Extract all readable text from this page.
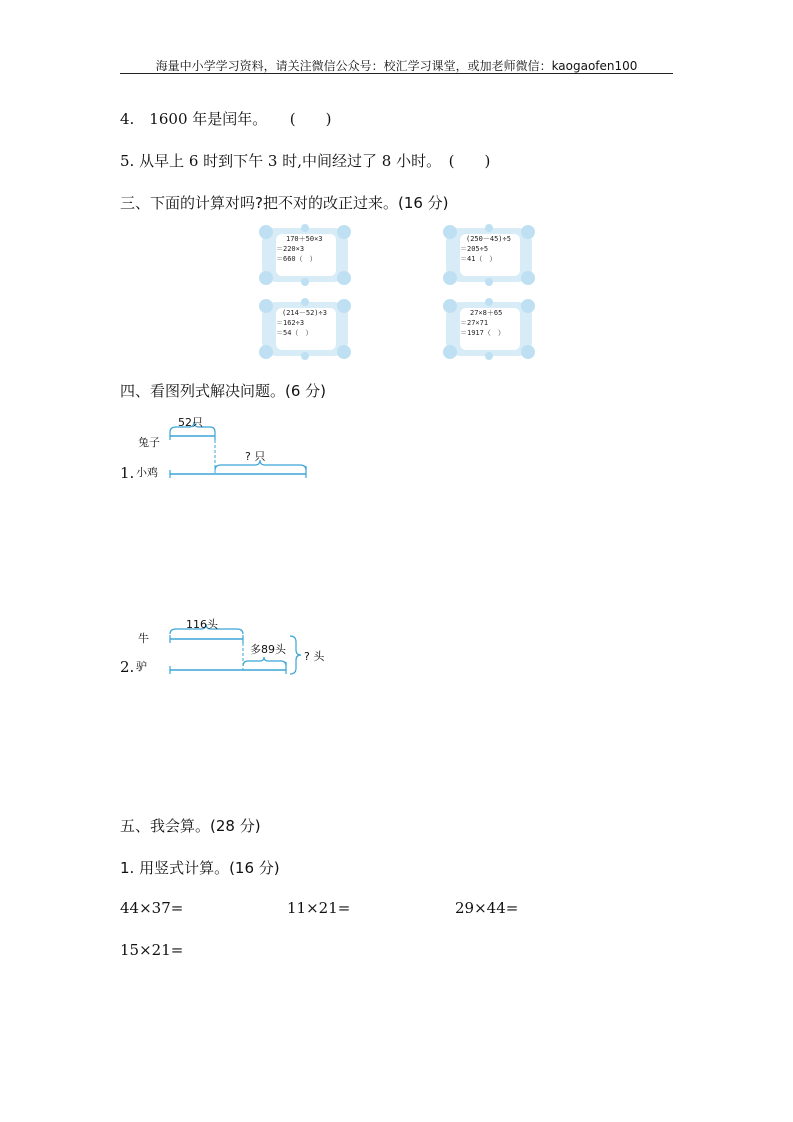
海量中小学学习资料，请关注微信公众号：校汇学习课堂，或加老师微信：kaogaofen100
4.　1600 年是闰年。　　(　　)
5. 从早上 6 时到下午 3 时,中间经过了 8 小时。　(　　)
三、下面的计算对吗?把不对的改正过来。(16 分)
170＋50×3
＝220×3
＝660（　）
(250－45)÷5
＝205÷5
＝41（　）
(214－52)÷3
＝162÷3
＝54（　）
27×8＋65
＝27×71
＝1917（　）
四、看图列式解决问题。(6 分)
52只
兔子
? 只
1. 小鸡
116头
牛
多89头
? 头
2. 驴
五、我会算。(28 分)
1. 用竖式计算。(16 分)
44×37=	11×21=	29×44=
15×21=
